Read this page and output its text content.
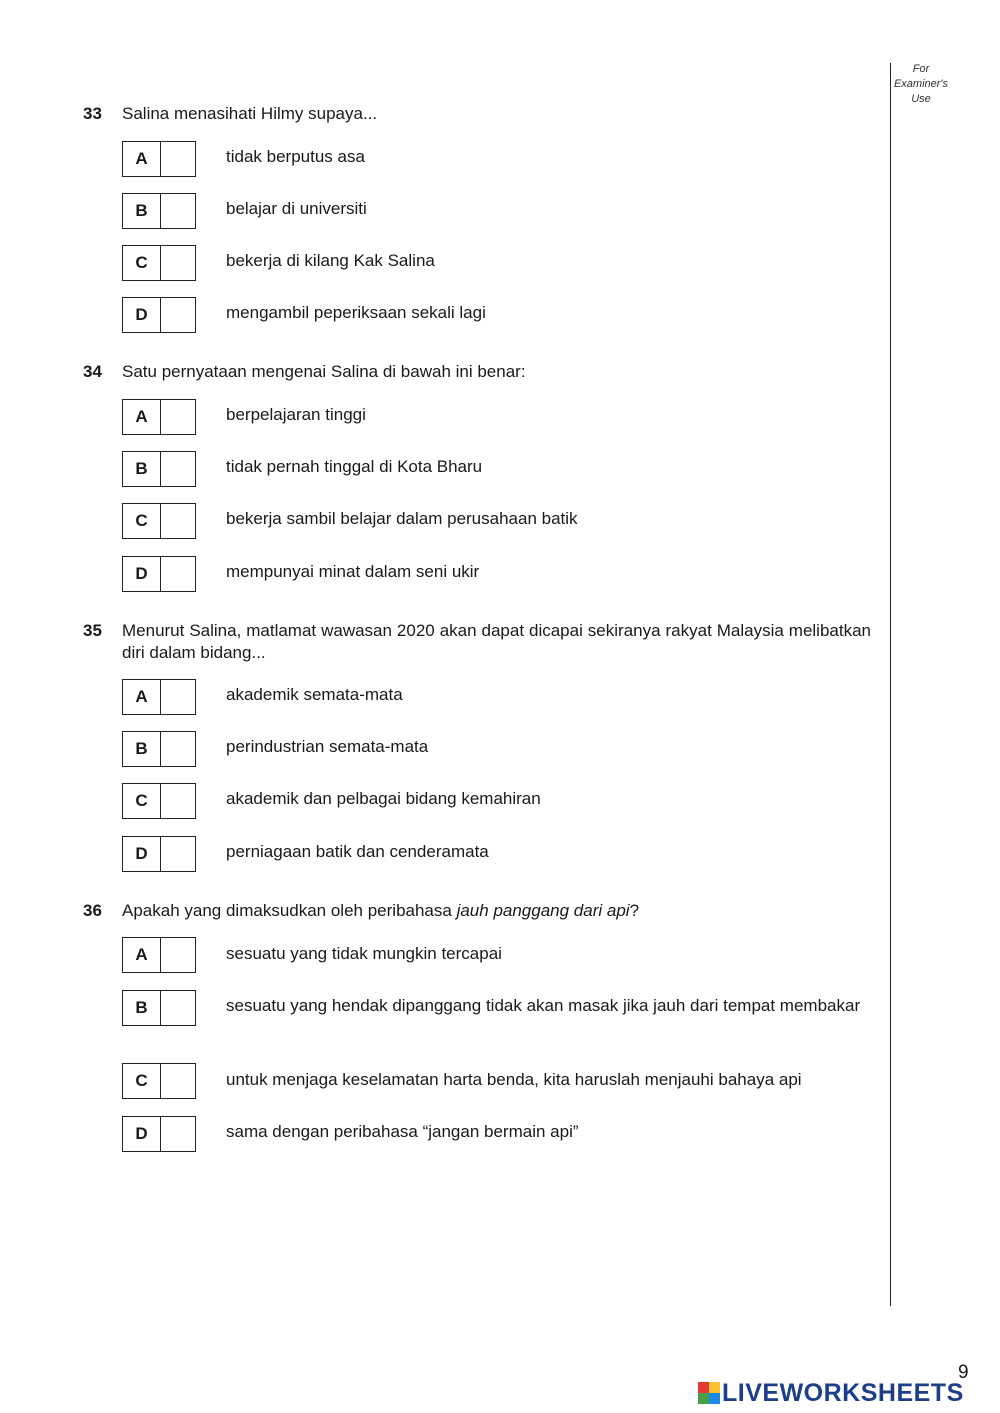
For Examiner's Use
33 Salina menasihati Hilmy supaya...
A	tidak berputus asa
B	belajar di universiti
C	bekerja di kilang Kak Salina
D	mengambil peperiksaan sekali lagi
34 Satu pernyataan mengenai Salina di bawah ini benar:
A	berpelajaran tinggi
B	tidak pernah tinggal di Kota Bharu
C	bekerja sambil belajar dalam perusahaan batik
D	mempunyai minat dalam seni ukir
35 Menurut Salina, matlamat wawasan 2020 akan dapat dicapai sekiranya rakyat Malaysia melibatkan diri dalam bidang...
A	akademik semata-mata
B	perindustrian semata-mata
C	akademik dan pelbagai bidang kemahiran
D	perniagaan batik dan cenderamata
36 Apakah yang dimaksudkan oleh peribahasa jauh panggang dari api?
A	sesuatu yang tidak mungkin tercapai
B	sesuatu yang hendak dipanggang tidak akan masak jika jauh dari tempat membakar
C	untuk menjaga keselamatan harta benda, kita haruslah menjauhi bahaya api
D	sama dengan peribahasa “jangan bermain api”
9
LIVEWORKSHEETS
